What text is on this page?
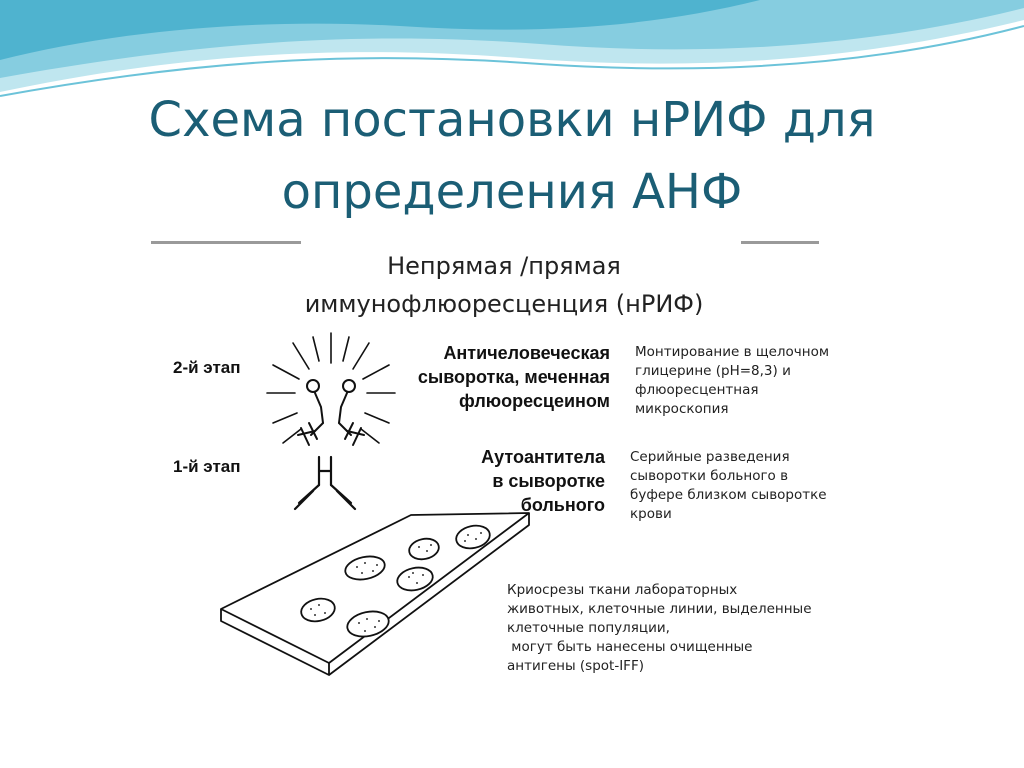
Схема постановки нРИФ для
определения АНФ
Непрямая /прямая
иммунофлюоресценция (нРИФ)
2-й этап
1-й этап
Античеловеческая
сыворотка, меченная
флюоресцеином
Аутоантитела
в сыворотке
больного
Монтирование в щелочном
глицерине (pH=8,3) и
флюоресцентная
микроскопия
Серийные разведения
сыворотки больного в
буфере близком сыворотке
крови
Криосрезы ткани лабораторных
животных, клеточные линии, выделенные
клеточные популяции,
могут быть нанесены очищенные
антигены (spot-IFF)
